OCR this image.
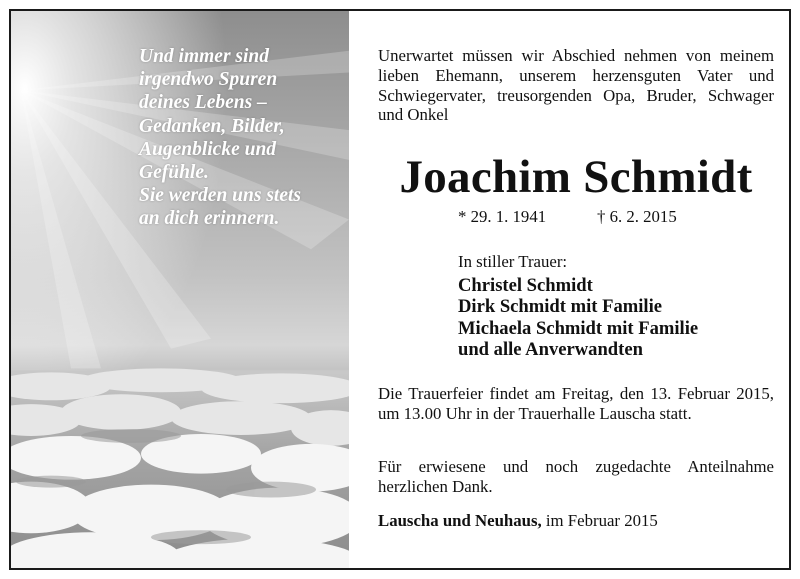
Und immer sind
irgendwo Spuren
deines Lebens –
Gedanken, Bilder,
Augenblicke und
Gefühle.
Sie werden uns stets
an dich erinnern.

Unerwartet müssen wir Abschied nehmen von meinem lieben Ehemann, unserem herzensguten Vater und Schwiegervater, treusorgenden Opa, Bruder, Schwager und Onkel

Joachim Schmidt
* 29. 1. 1941	† 6. 2. 2015
In stiller Trauer:
Christel Schmidt
Dirk Schmidt mit Familie
Michaela Schmidt mit Familie
und alle Anverwandten

Die Trauerfeier findet am Freitag, den 13. Februar 2015, um 13.00 Uhr in der Trauerhalle Lauscha statt.

Für erwiesene und noch zugedachte Anteilnahme herzlichen Dank.

Lauscha und Neuhaus, im Februar 2015
